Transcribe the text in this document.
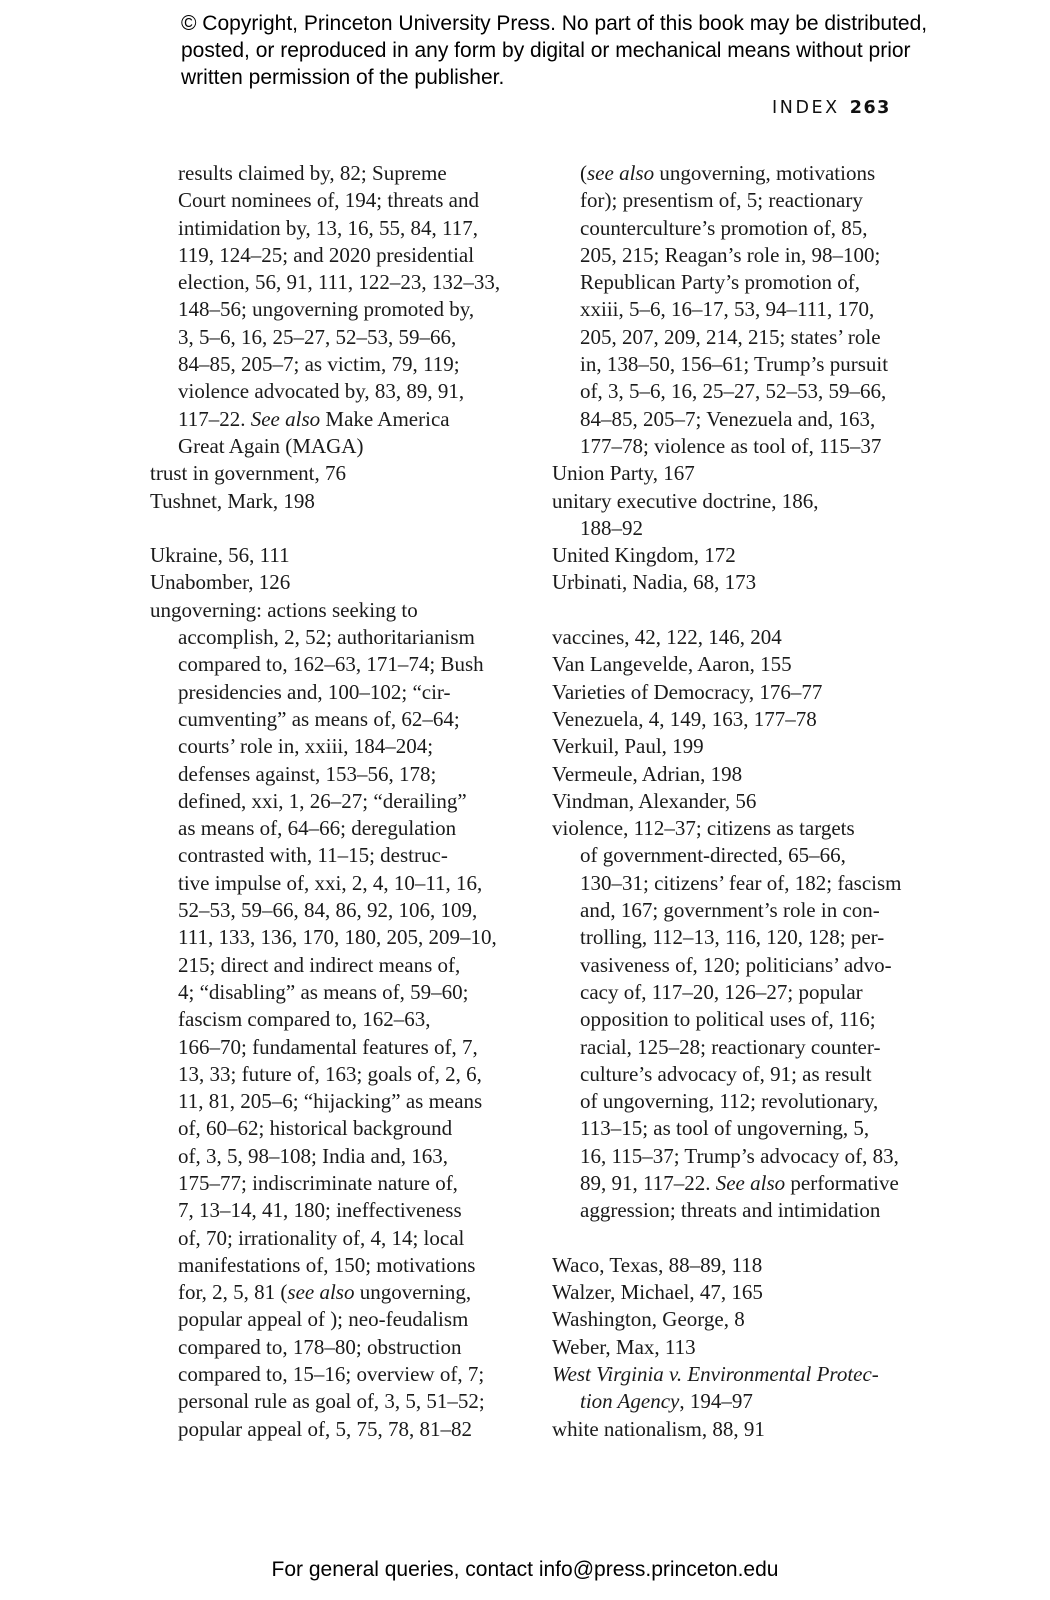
© Copyright, Princeton University Press. No part of this book may be distributed, posted, or reproduced in any form by digital or mechanical means without prior written permission of the publisher.
INDEX 263
results claimed by, 82; Supreme
Court nominees of, 194; threats and
intimidation by, 13, 16, 55, 84, 117,
119, 124–25; and 2020 presidential
election, 56, 91, 111, 122–23, 132–33,
148–56; ungoverning promoted by,
3, 5–6, 16, 25–27, 52–53, 59–66,
84–85, 205–7; as victim, 79, 119;
violence advocated by, 83, 89, 91,
117–22. See also Make America
Great Again (MAGA)
trust in government, 76
Tushnet, Mark, 198
Ukraine, 56, 111
Unabomber, 126
ungoverning: actions seeking to
accomplish, 2, 52; authoritarianism
compared to, 162–63, 171–74; Bush
presidencies and, 100–102; “cir-
cumventing” as means of, 62–64;
courts’ role in, xxiii, 184–204;
defenses against, 153–56, 178;
defined, xxi, 1, 26–27; “derailing”
as means of, 64–66; deregulation
contrasted with, 11–15; destruc-
tive impulse of, xxi, 2, 4, 10–11, 16,
52–53, 59–66, 84, 86, 92, 106, 109,
111, 133, 136, 170, 180, 205, 209–10,
215; direct and indirect means of,
4; “disabling” as means of, 59–60;
fascism compared to, 162–63,
166–70; fundamental features of, 7,
13, 33; future of, 163; goals of, 2, 6,
11, 81, 205–6; “hijacking” as means
of, 60–62; historical background
of, 3, 5, 98–108; India and, 163,
175–77; indiscriminate nature of,
7, 13–14, 41, 180; ineffectiveness
of, 70; irrationality of, 4, 14; local
manifestations of, 150; motivations
for, 2, 5, 81 (see also ungoverning,
popular appeal of ); neo-feudalism
compared to, 178–80; obstruction
compared to, 15–16; overview of, 7;
personal rule as goal of, 3, 5, 51–52;
popular appeal of, 5, 75, 78, 81–82
(see also ungoverning, motivations
for); presentism of, 5; reactionary
counterculture’s promotion of, 85,
205, 215; Reagan’s role in, 98–100;
Republican Party’s promotion of,
xxiii, 5–6, 16–17, 53, 94–111, 170,
205, 207, 209, 214, 215; states’ role
in, 138–50, 156–61; Trump’s pursuit
of, 3, 5–6, 16, 25–27, 52–53, 59–66,
84–85, 205–7; Venezuela and, 163,
177–78; violence as tool of, 115–37
Union Party, 167
unitary executive doctrine, 186,
188–92
United Kingdom, 172
Urbinati, Nadia, 68, 173
vaccines, 42, 122, 146, 204
Van Langevelde, Aaron, 155
Varieties of Democracy, 176–77
Venezuela, 4, 149, 163, 177–78
Verkuil, Paul, 199
Vermeule, Adrian, 198
Vindman, Alexander, 56
violence, 112–37; citizens as targets
of government-directed, 65–66,
130–31; citizens’ fear of, 182; fascism
and, 167; government’s role in con-
trolling, 112–13, 116, 120, 128; per-
vasiveness of, 120; politicians’ advo-
cacy of, 117–20, 126–27; popular
opposition to political uses of, 116;
racial, 125–28; reactionary counter-
culture’s advocacy of, 91; as result
of ungoverning, 112; revolutionary,
113–15; as tool of ungoverning, 5,
16, 115–37; Trump’s advocacy of, 83,
89, 91, 117–22. See also performative
aggression; threats and intimidation
Waco, Texas, 88–89, 118
Walzer, Michael, 47, 165
Washington, George, 8
Weber, Max, 113
West Virginia v. Environmental Protec-
tion Agency, 194–97
white nationalism, 88, 91
For general queries, contact info@press.princeton.edu
